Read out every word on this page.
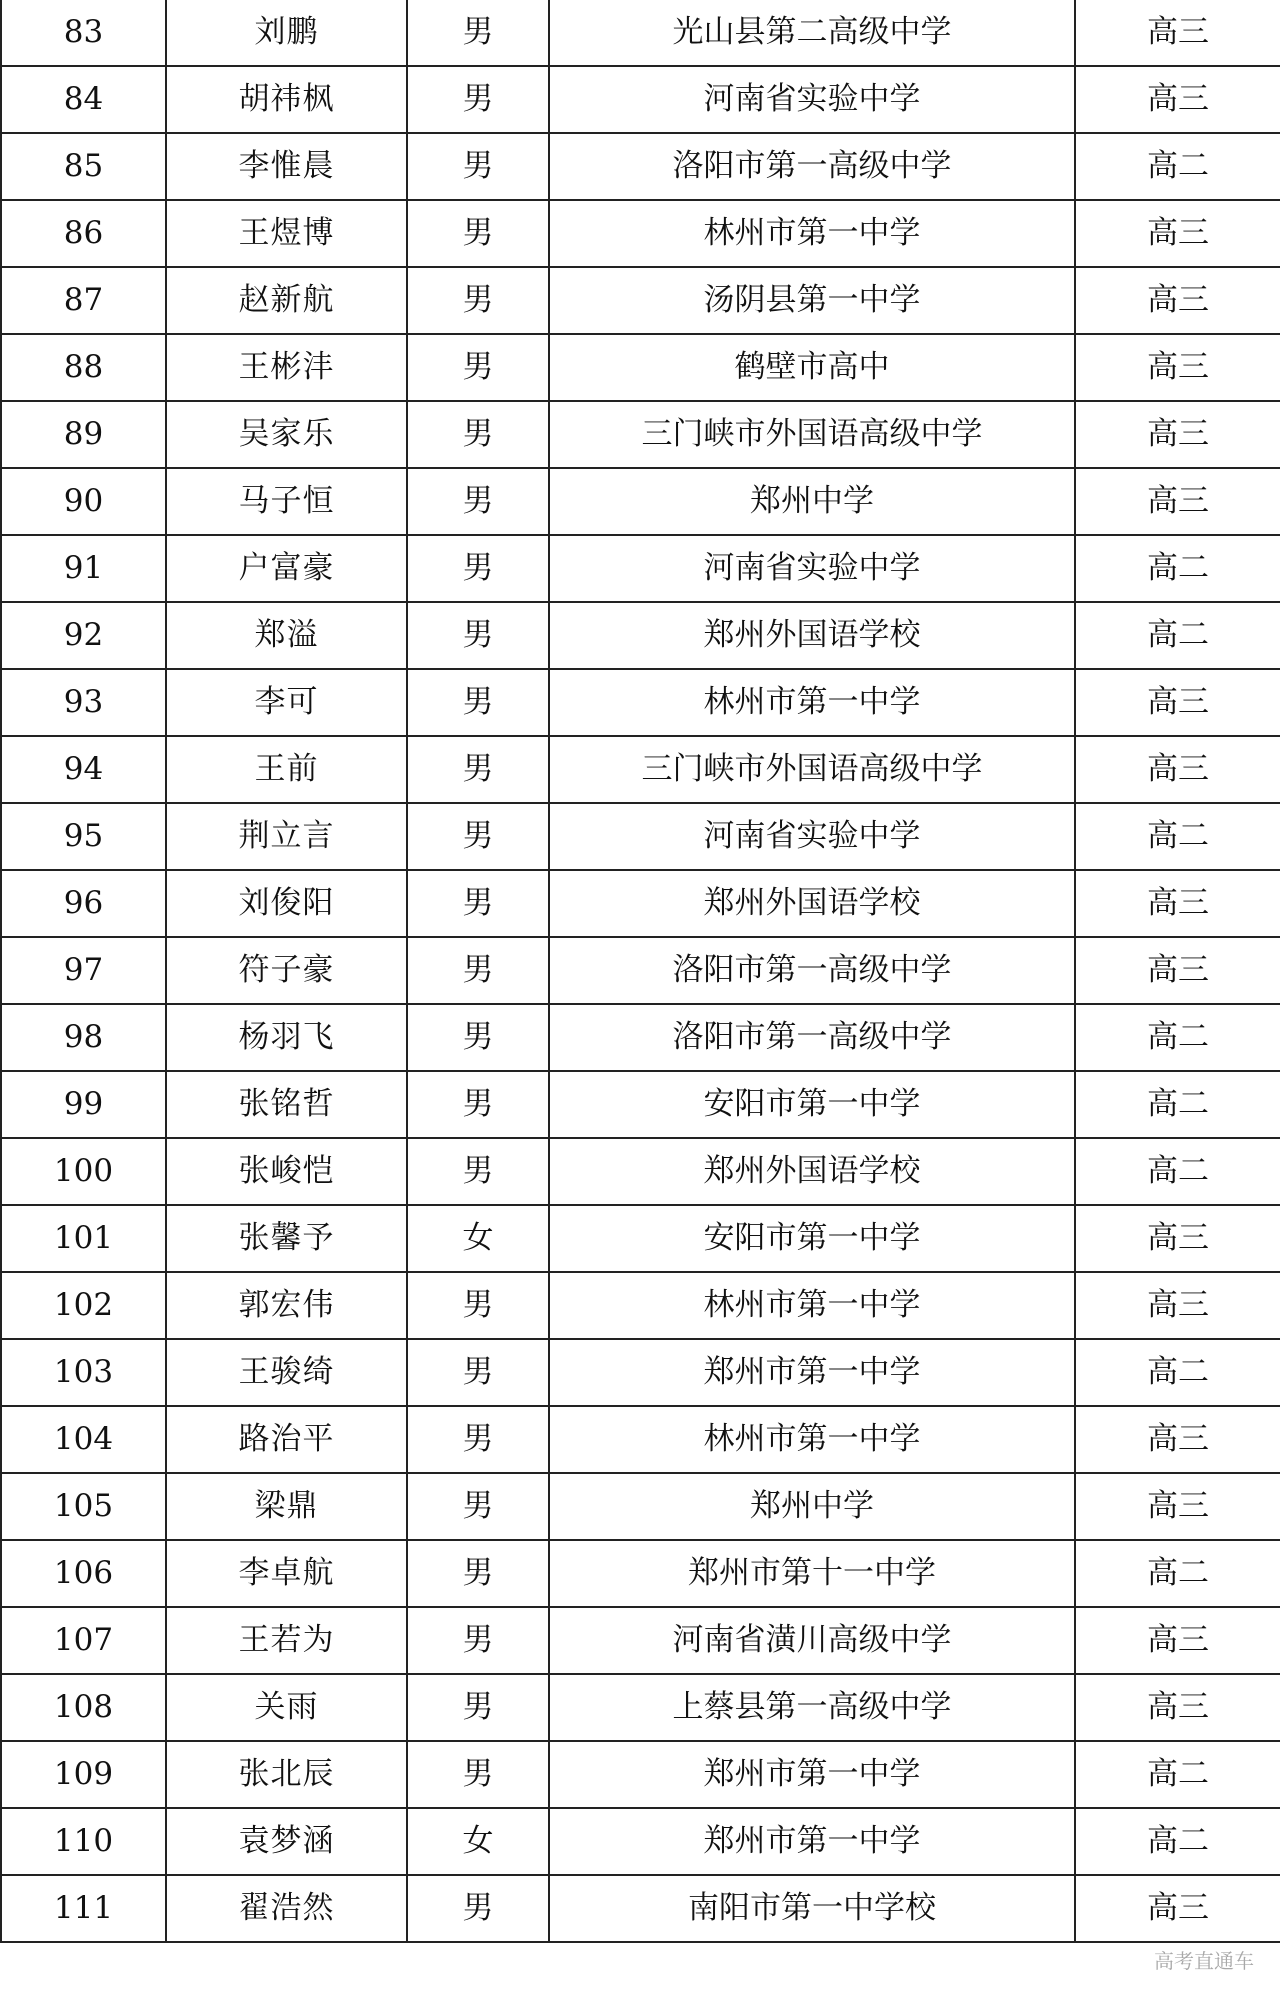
83	刘鹏	男	光山县第二高级中学	高三
84	胡祎枫	男	河南省实验中学	高三
85	李惟晨	男	洛阳市第一高级中学	高二
86	王煜博	男	林州市第一中学	高三
87	赵新航	男	汤阴县第一中学	高三
88	王彬沣	男	鹤壁市高中	高三
89	吴家乐	男	三门峡市外国语高级中学	高三
90	马子恒	男	郑州中学	高三
91	户富豪	男	河南省实验中学	高二
92	郑溢	男	郑州外国语学校	高二
93	李可	男	林州市第一中学	高三
94	王前	男	三门峡市外国语高级中学	高三
95	荆立言	男	河南省实验中学	高二
96	刘俊阳	男	郑州外国语学校	高三
97	符子豪	男	洛阳市第一高级中学	高三
98	杨羽飞	男	洛阳市第一高级中学	高二
99	张铭哲	男	安阳市第一中学	高二
100	张峻恺	男	郑州外国语学校	高二
101	张馨予	女	安阳市第一中学	高三
102	郭宏伟	男	林州市第一中学	高三
103	王骏绮	男	郑州市第一中学	高二
104	路治平	男	林州市第一中学	高三
105	梁鼎	男	郑州中学	高三
106	李卓航	男	郑州市第十一中学	高二
107	王若为	男	河南省潢川高级中学	高三
108	关雨	男	上蔡县第一高级中学	高三
109	张北辰	男	郑州市第一中学	高二
110	袁梦涵	女	郑州市第一中学	高二
111	翟浩然	男	南阳市第一中学校	高三
高考直通车
